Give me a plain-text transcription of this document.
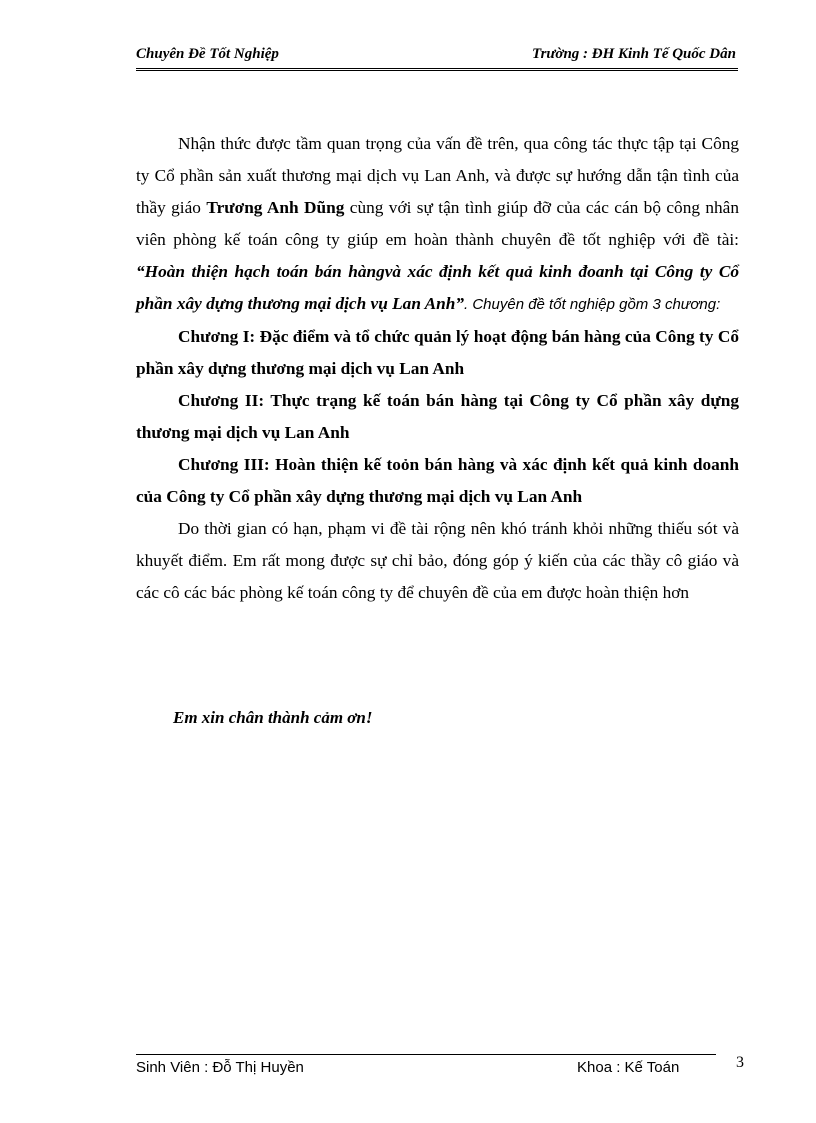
Chuyên Đề Tốt Nghiệp	Trường : ĐH Kinh Tế Quốc Dân

Nhận thức được tầm quan trọng của vấn đề trên, qua công tác thực tập tại Công ty Cổ phần sản xuất thương mại dịch vụ Lan Anh, và được sự hướng dẫn tận tình của thầy giáo Trương Anh Dũng cùng với sự tận tình giúp đỡ của các cán bộ công nhân viên phòng kế toán công ty giúp em hoàn thành chuyên đề tốt nghiệp với đề tài: “Hoàn thiện hạch toán bán hàngvà xác định kết quả kinh đoanh tại Công ty Cổ phần xây dựng thương mại dịch vụ Lan Anh”. Chuyên đề tốt nghiệp gồm 3 chương:

Chương I: Đặc điểm và tổ chức quản lý hoạt động bán hàng của Công ty Cổ phần xây dựng thương mại dịch vụ Lan Anh

Chương II: Thực trạng kế toán bán hàng tại Công ty Cổ phần xây dựng thương mại dịch vụ Lan Anh

Chương III: Hoàn thiện kế toỏn bán hàng và xác định kết quả kinh doanh của Công ty Cổ phần xây dựng thương mại dịch vụ Lan Anh

Do thời gian có hạn, phạm vi đề tài rộng nên khó tránh khỏi những thiếu sót và khuyết điểm. Em rất mong được sự chỉ bảo, đóng góp ý kiến của các thầy cô giáo và các cô các bác phòng kế toán công ty để chuyên đề của em được hoàn thiện hơn

Em xin chân thành cảm ơn!
Sinh Viên : Đỗ Thị Huyền	Khoa : Kế Toán	3
